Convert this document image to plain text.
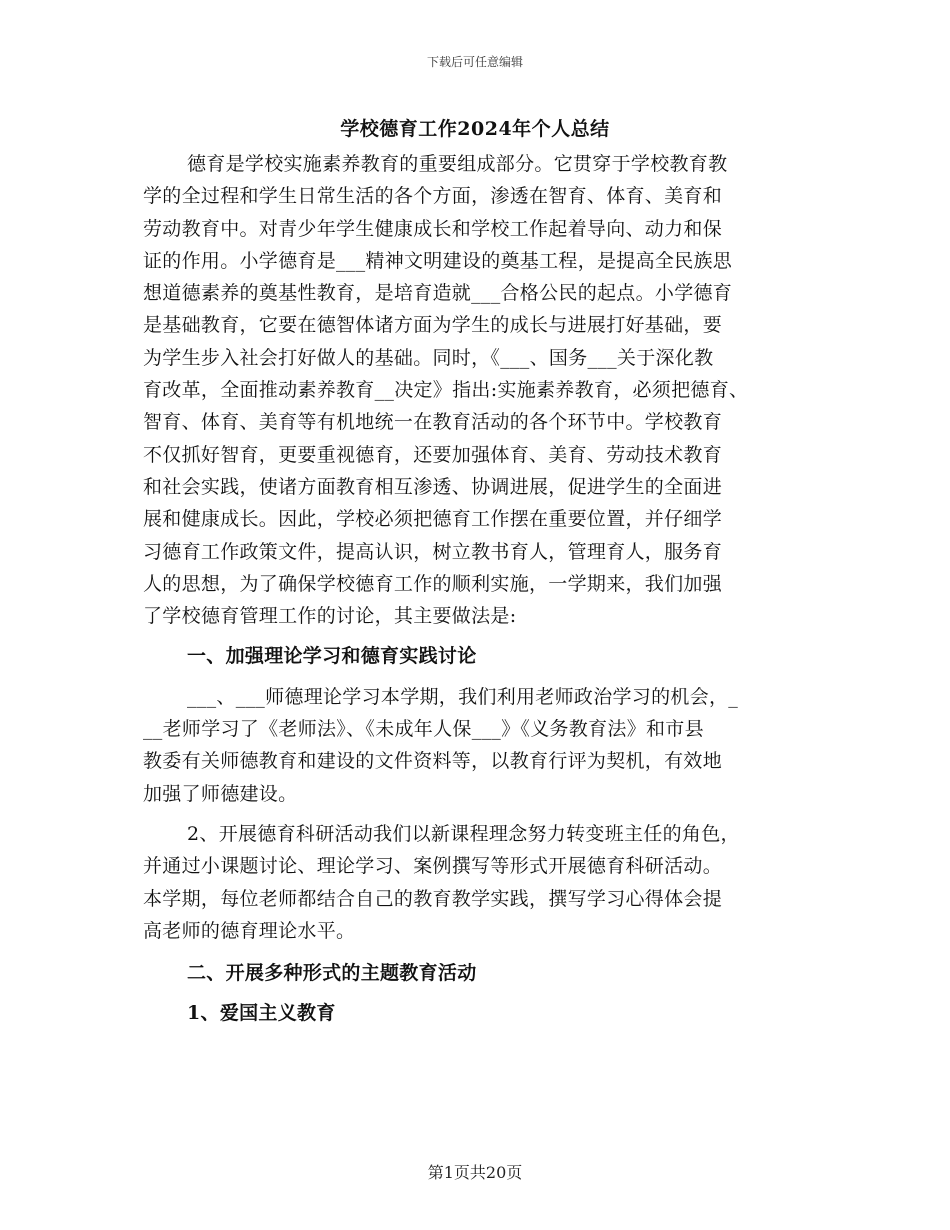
下载后可任意编辑
学校德育工作2024年个人总结
德育是学校实施素养教育的重要组成部分。它贯穿于学校教育教
学的全过程和学生日常生活的各个方面，渗透在智育、体育、美育和
劳动教育中。对青少年学生健康成长和学校工作起着导向、动力和保
证的作用。小学德育是___精神文明建设的奠基工程，是提高全民族思
想道德素养的奠基性教育，是培育造就___合格公民的起点。小学德育
是基础教育，它要在德智体诸方面为学生的成长与进展打好基础，要
为学生步入社会打好做人的基础。同时，《___、国务___关于深化教
育改革，全面推动素养教育__决定》指出:实施素养教育，必须把德育、
智育、体育、美育等有机地统一在教育活动的各个环节中。学校教育
不仅抓好智育，更要重视德育，还要加强体育、美育、劳动技术教育
和社会实践，使诸方面教育相互渗透、协调进展，促进学生的全面进
展和健康成长。因此，学校必须把德育工作摆在重要位置，并仔细学
习德育工作政策文件，提高认识，树立教书育人，管理育人，服务育
人的思想，为了确保学校德育工作的顺利实施，一学期来，我们加强
了学校德育管理工作的讨论，其主要做法是:
一、加强理论学习和德育实践讨论
___、___师德理论学习本学期，我们利用老师政治学习的机会，_
__老师学习了《老师法》、《未成年人保___》《义务教育法》和市县
教委有关师德教育和建设的文件资料等，以教育行评为契机，有效地
加强了师德建设。
2、开展德育科研活动我们以新课程理念努力转变班主任的角色，
并通过小课题讨论、理论学习、案例撰写等形式开展德育科研活动。
本学期，每位老师都结合自己的教育教学实践，撰写学习心得体会提
高老师的德育理论水平。
二、开展多种形式的主题教育活动
1、爱国主义教育
第1页共20页
